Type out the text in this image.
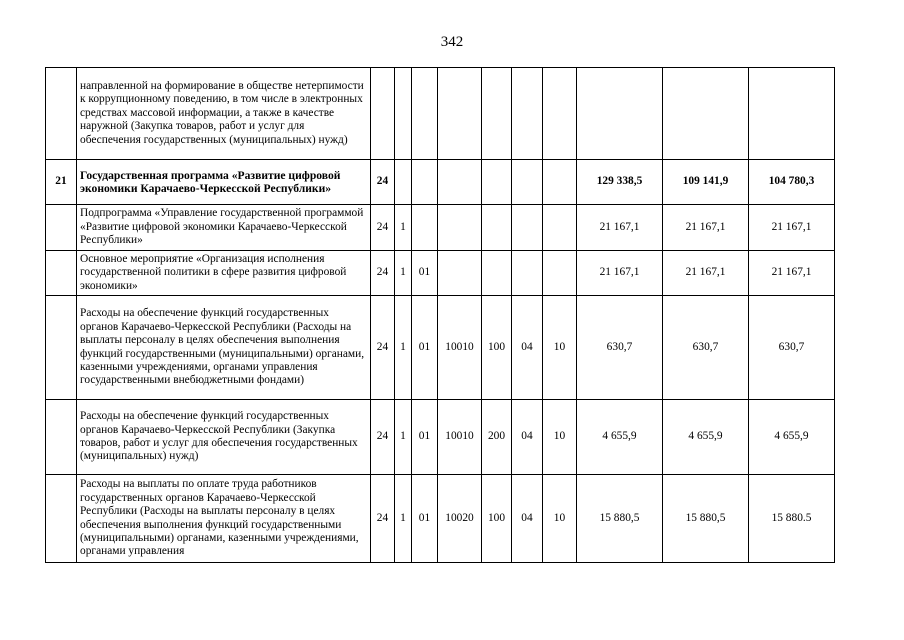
342
	направленной на формирование в обществе нетерпимости к коррупционному поведению, в том числе в электронных средствах массовой информации, а также в качестве наружной (Закупка товаров, работ и услуг для обеспечения государственных (муниципальных) нужд)										
21	Государственная программа «Развитие цифровой экономики Карачаево-Черкесской Республики»	24							129 338,5	109 141,9	104 780,3
	Подпрограмма «Управление государственной программой «Развитие цифровой экономики Карачаево-Черкесской Республики»	24	1						21 167,1	21 167,1	21 167,1
	Основное мероприятие «Организация исполнения государственной политики в сфере развития цифровой экономики»	24	1	01					21 167,1	21 167,1	21 167,1
	Расходы на обеспечение функций государственных органов Карачаево-Черкесской Республики (Расходы на выплаты персоналу в целях обеспечения выполнения функций государственными (муниципальными) органами, казенными учреждениями, органами управления государственными внебюджетными фондами)	24	1	01	10010	100	04	10	630,7	630,7	630,7
	Расходы на обеспечение функций государственных органов Карачаево-Черкесской Республики (Закупка товаров, работ и услуг для обеспечения государственных (муниципальных) нужд)	24	1	01	10010	200	04	10	4 655,9	4 655,9	4 655,9
	Расходы на выплаты по оплате труда работников государственных органов Карачаево-Черкесской Республики (Расходы на выплаты персоналу в целях обеспечения выполнения функций государственными (муниципальными) органами, казенными учреждениями, органами управления	24	1	01	10020	100	04	10	15 880,5	15 880,5	15 880.5
